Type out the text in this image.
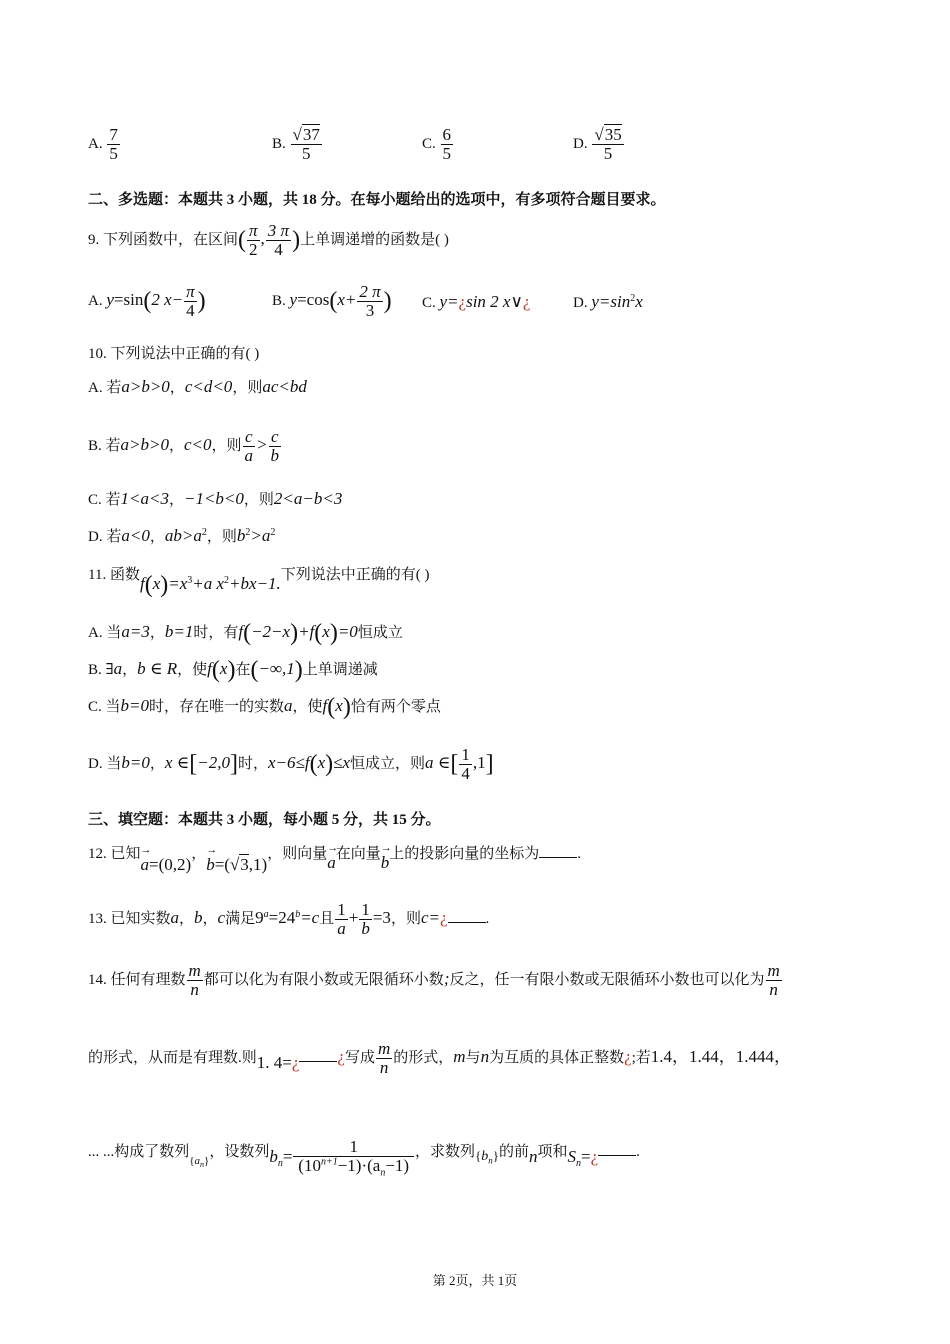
A. $\frac{7}{5}$	B. $\frac{√37}{5}$	C. $\frac{6}{5}$	D. $\frac{√35}{5}$
二、多选题：本题共 3 小题，共 18 分。在每小题给出的选项中，有多项符合题目要求。
9. 下列函数中，在区间( $\frac{\pi}{2}$ , $\frac{3 \pi}{4}$ )上单调递增的函数是( )
A. y=sin(2 $x- \frac{\pi}{4}$ )	B. $y=\cos(x+ \frac{2 \pi}{3}$ ) C. y=¿sin 2 x∨¿	D. $y=\sin^2x$
10. 下列说法中正确的有( )
A. 若a>b>0，c<d<0，则ac<bd
B. 若a>b>0，c<0，则 $\frac{c}{a} > \frac{c}{b}$
C. 若1<a<3，−1<b<0，则2<a−b<3
D. 若a<0，$ab>a^2$，则$b^2>a^2$
11. 函数$f(x)=x^3+a$ $x^2+bx-1$.下列说法中正确的有( )
A. 当a=3，b=1时，有f(−2−x)+f(x)=0恒成立
B. ∃a，b ∈ R，使f(x)在(−∞,1)上单调递减
C. 当b=0时，存在唯一的实数a，使f(x)恰有两个零点
D. 当b=0，x ∈[−2,0]时，x−6≤f(x)≤x恒成立，则a ∈[ $\frac{1}{4} ,1$]
三、填空题：本题共 3 小题，每小题 5 分，共 15 分。
12. 已知→ a=(0,2)，→ b=(√3,1)，则向量→ a在向量→ b上的投影向量的坐标为	.
13. 已知实数a，b，c满足$9^a=24^b=c$且 $\frac{1}{a} + \frac{1}{b} =3$，则c=¿	.
14. 任何有理数 $\frac{m}{n}$ 都可以化为有限小数或无限循环小数;反之，任一有限小数或无限循环小数也可以化为 $\frac{m}{n}$
的形式，从而是有理数.则1. 4=¿ ¿写成 $\frac{m}{n}$ 的形式，m与n为互质的具体正整数¿;若1.4，1.44，1.444，
... ...构成了数列$_{\{a_n\}}$，设数列$b_n= \frac{1}{(10^{n+1}-1)\cdot(a_n-1)}$ ，求数列$\{b_n\}$的前n项和$S_n=¿$	.
第 2页，共 1页
